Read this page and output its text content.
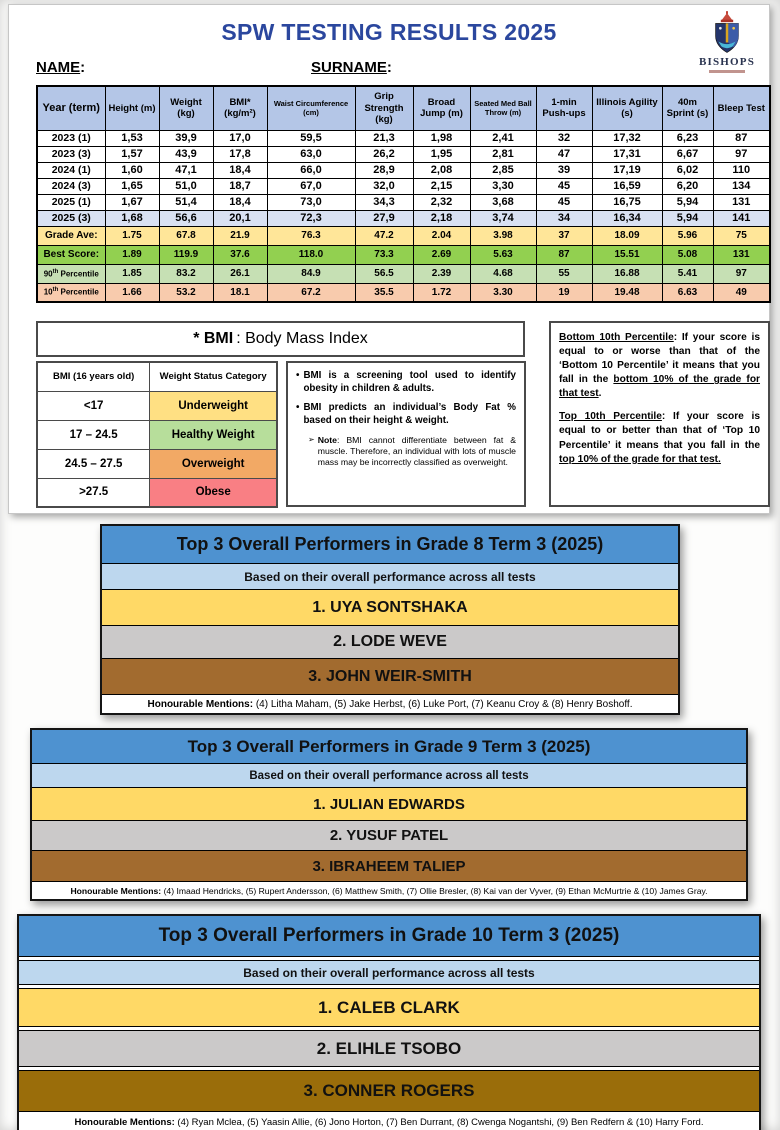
SPW TESTING RESULTS 2025
BISHOPS
NAME:	SURNAME:
Year (term)	Height (m)	Weight (kg)	BMI* (kg/m²)	Waist Circumference (cm)	Grip Strength (kg)	Broad Jump (m)	Seated Med Ball Throw (m)	1-min Push-ups	Illinois Agility (s)	40m Sprint (s)	Bleep Test
2023 (1)	1,53	39,9	17,0	59,5	21,3	1,98	2,41	32	17,32	6,23	87
2023 (3)	1,57	43,9	17,8	63,0	26,2	1,95	2,81	47	17,31	6,67	97
2024 (1)	1,60	47,1	18,4	66,0	28,9	2,08	2,85	39	17,19	6,02	110
2024 (3)	1,65	51,0	18,7	67,0	32,0	2,15	3,30	45	16,59	6,20	134
2025 (1)	1,67	51,4	18,4	73,0	34,3	2,32	3,68	45	16,75	5,94	131
2025 (3)	1,68	56,6	20,1	72,3	27,9	2,18	3,74	34	16,34	5,94	141
Grade Ave:	1.75	67.8	21.9	76.3	47.2	2.04	3.98	37	18.09	5.96	75
Best Score:	1.89	119.9	37.6	118.0	73.3	2.69	5.63	87	15.51	5.08	131
90th Percentile	1.85	83.2	26.1	84.9	56.5	2.39	4.68	55	16.88	5.41	97
10th Percentile	1.66	53.2	18.1	67.2	35.5	1.72	3.30	19	19.48	6.63	49
* BMI : Body Mass Index
BMI (16 years old)	Weight Status Category
<17	Underweight
17 – 24.5	Healthy Weight
24.5 – 27.5	Overweight
>27.5	Obese

• BMI is a screening tool used to identify obesity in children & adults.

• BMI predicts an individual’s Body Fat % based on their height & weight.

➢ Note: BMI cannot differentiate between fat & muscle. Therefore, an individual with lots of muscle mass may be incorrectly classified as overweight.

Bottom 10th Percentile: If your score is equal to or worse than that of the ‘Bottom 10 Percentile’ it means that you fall in the bottom 10% of the grade for that test.

Top 10th Percentile: If your score is equal to or better than that of ‘Top 10 Percentile’ it means that you fall in the top 10% of the grade for that test.

Top 3 Overall Performers in Grade 8 Term 3 (2025)
Based on their overall performance across all tests
1. UYA SONTSHAKA
2. LODE WEVE
3. JOHN WEIR-SMITH
Honourable Mentions:
(4) Litha Maham, (5) Jake Herbst, (6) Luke Port, (7) Keanu Croy & (8) Henry Boshoff.
Top 3 Overall Performers in Grade 9 Term 3 (2025)
Based on their overall performance across all tests
1. JULIAN EDWARDS
2. YUSUF PATEL
3. IBRAHEEM TALIEP
Honourable Mentions:
(4) Imaad Hendricks, (5) Rupert Andersson, (6) Matthew Smith, (7) Ollie Bresler, (8) Kai van der Vyver, (9) Ethan McMurtrie & (10) James Gray.
Top 3 Overall Performers in Grade 10 Term 3 (2025)
Based on their overall performance across all tests
1. CALEB CLARK
2. ELIHLE TSOBO
3. CONNER ROGERS
Honourable Mentions:
(4) Ryan Mclea, (5) Yaasin Allie, (6) Jono Horton, (7) Ben Durrant, (8) Cwenga Nogantshi, (9) Ben Redfern & (10) Harry Ford.
